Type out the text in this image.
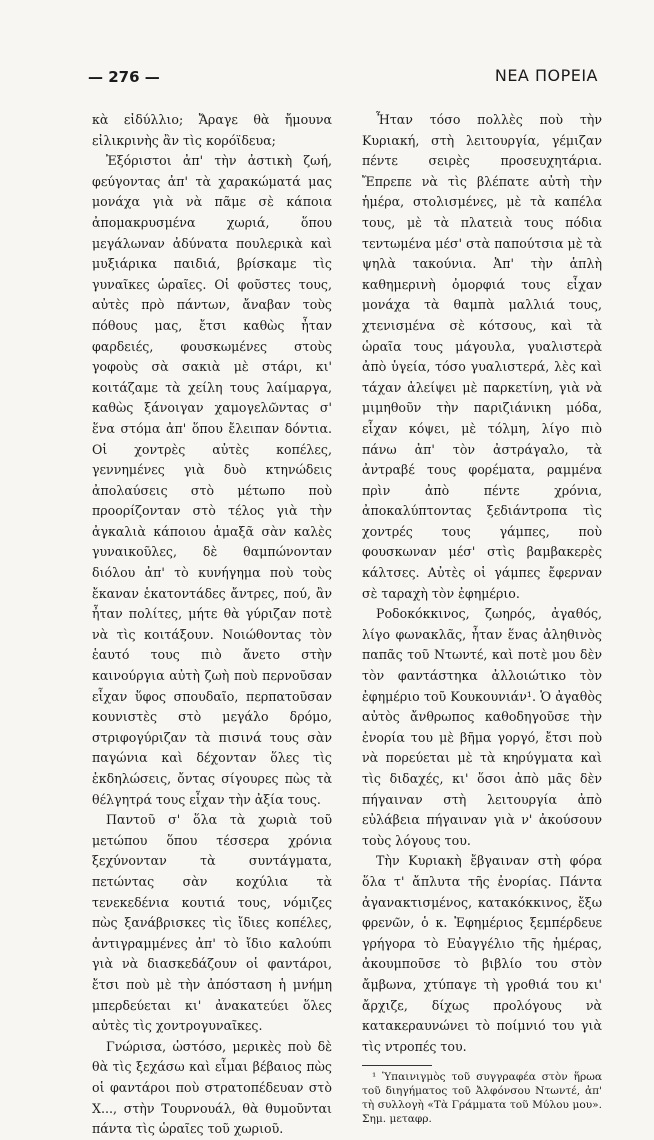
— 276 —	ΝΕΑ ΠΟΡΕΙΑ

κὰ εἰδύλλιο; Ἄραγε θὰ ἤμουνα εἰλικρινὴς ἂν τὶς κορόϊδευα;

Ἐξόριστοι ἀπ' τὴν ἀστικὴ ζωή, φεύγοντας ἀπ' τὰ χαρακώματά μας μονάχα γιὰ νὰ πᾶμε σὲ κάποια ἀπομακρυσμένα χωριά, ὅπου μεγάλωναν ἀδύνατα πουλερικὰ καὶ μυξιάρικα παιδιά, βρίσκαμε τὶς γυναῖκες ὡραῖες. Οἱ φοῦστες τους, αὐτὲς πρὸ πάντων, ἄναβαν τοὺς πόθους μας, ἔτσι καθὼς ἦταν φαρδειές, φουσκωμένες στοὺς γοφοὺς σὰ σακιὰ μὲ στάρι, κι' κοιτάζαμε τὰ χείλη τους λαίμαργα, καθὼς ξάνοιγαν χαμογελῶντας σ' ἕνα στόμα ἀπ' ὅπου ἔλειπαν δόντια. Οἱ χοντρὲς αὐτὲς κοπέλες, γεννημένες γιὰ δυὸ κτηνώδεις ἀπολαύσεις στὸ μέτωπο ποὺ προορίζονταν στὸ τέλος γιὰ τὴν ἀγκαλιὰ κάποιου ἀμαξᾶ σὰν καλὲς γυναικοῦλες, δὲ θαμπώνονταν διόλου ἀπ' τὸ κυνήγημα ποὺ τοὺς ἔκαναν ἑκατοντάδες ἄντρες, πού, ἂν ἦταν πολίτες, μήτε θὰ γύριζαν ποτὲ νὰ τὶς κοιτάξουν. Νοιώθοντας τὸν ἑαυτό τους πιὸ ἄνετο στὴν καινούργια αὐτὴ ζωὴ ποὺ περνοῦσαν εἶχαν ὕφος σπουδαῖο, περπατοῦσαν κουνιστὲς στὸ μεγάλο δρόμο, στριφογύριζαν τὰ πισινά τους σὰν παγώνια καὶ δέχονταν ὅλες τὶς ἐκδηλώσεις, ὄντας σίγουρες πὼς τὰ θέλγητρά τους εἶχαν τὴν ἀξία τους.

Παντοῦ σ' ὅλα τὰ χωριὰ τοῦ μετώπου ὅπου τέσσερα χρόνια ξεχύνονταν τὰ συντάγματα, πετώντας σὰν κοχύλια τὰ τενεκεδένια κουτιά τους, νόμιζες πὼς ξανάβρισκες τὶς ἴδιες κοπέλες, ἀντιγραμμένες ἀπ' τὸ ἴδιο καλούπι γιὰ νὰ διασκεδάζουν οἱ φαντάροι, ἔτσι ποὺ μὲ τὴν ἀπόσταση ἡ μνήμη μπερδεύεται κι' ἀνακατεύει ὅλες αὐτὲς τὶς χοντρογυναῖκες.

Γνώρισα, ὡστόσο, μερικὲς ποὺ δὲ θὰ τὶς ξεχάσω καὶ εἶμαι βέβαιος πὼς οἱ φαντάροι ποὺ στρατοπέδευαν στὸ Χ..., στὴν Τουρνουάλ, θὰ θυμοῦνται πάντα τὶς ὡραῖες τοῦ χωριοῦ.

Ἦταν τόσο πολλὲς ποὺ τὴν Κυριακή, στὴ λειτουργία, γέμιζαν πέντε σειρὲς προσευχητάρια. Ἔπρεπε νὰ τὶς βλέπατε αὐτὴ τὴν ἡμέρα, στολισμένες, μὲ τὰ καπέλα τους, μὲ τὰ πλατειὰ τους πόδια τεντωμένα μέσ' στὰ παπούτσια μὲ τὰ ψηλὰ τακούνια. Ἀπ' τὴν ἁπλὴ καθημερινὴ ὀμορφιά τους εἶχαν μονάχα τὰ θαμπὰ μαλλιά τους, χτενισμένα σὲ κότσους, καὶ τὰ ὡραῖα τους μάγουλα, γυαλιστερὰ ἀπὸ ὑγεία, τόσο γυαλιστερά, λὲς καὶ τάχαν ἀλείψει μὲ παρκετίνη, γιὰ νὰ μιμηθοῦν τὴν παριζιάνικη μόδα, εἶχαν κόψει, μὲ τόλμη, λίγο πιὸ πάνω ἀπ' τὸν ἀστράγαλο, τὰ ἀντραβέ τους φορέματα, ραμμένα πρὶν ἀπὸ πέντε χρόνια, ἀποκαλύπτοντας ξεδιάντροπα τὶς χοντρές τους γάμπες, ποὺ φουσκωναν μέσ' στὶς βαμβακερὲς κάλτσες. Αὐτὲς οἱ γάμπες ἔφερναν σὲ ταραχὴ τὸν ἐφημέριο.

Ροδοκόκκινος, ζωηρός, ἀγαθός, λίγο φωνακλᾶς, ἦταν ἕνας ἀληθινὸς παπᾶς τοῦ Ντωντέ, καὶ ποτὲ μου δὲν τὸν φαντάστηκα ἀλλοιώτικο τὸν ἐφημέριο τοῦ Κουκουνιάν¹. Ὁ ἀγαθὸς αὐτὸς ἄνθρωπος καθοδηγοῦσε τὴν ἐνορία του μὲ βῆμα γοργό, ἔτσι ποὺ νὰ πορεύεται μὲ τὰ κηρύγματα καὶ τὶς διδαχές, κι' ὅσοι ἀπὸ μᾶς δὲν πήγαιναν στὴ λειτουργία ἀπὸ εὐλάβεια πήγαιναν γιὰ ν' ἀκούσουν τοὺς λόγους του.

Τὴν Κυριακὴ ἔβγαιναν στὴ φόρα ὅλα τ' ἄπλυτα τῆς ἐνορίας. Πάντα ἀγανακτισμένος, κατακόκκινος, ἔξω φρενῶν, ὁ κ. Ἐφημέριος ξεμπέρδευε γρήγορα τὸ Εὐαγγέλιο τῆς ἡμέρας, ἀκουμποῦσε τὸ βιβλίο του στὸν ἄμβωνα, χτύπαγε τὴ γροθιά του κι' ἄρχιζε, δίχως προλόγους νὰ κατακεραυνώνει τὸ ποίμνιό του γιὰ τὶς ντροπές του.

¹ Ὑπαινιγμὸς τοῦ συγγραφέα στὸν ἥρωα τοῦ διηγήματος τοῦ Ἀλφόνσου Ντωντέ, ἀπ' τὴ συλλογὴ «Τὰ Γράμματα τοῦ Μύλου μου». Σημ. μεταφρ.
